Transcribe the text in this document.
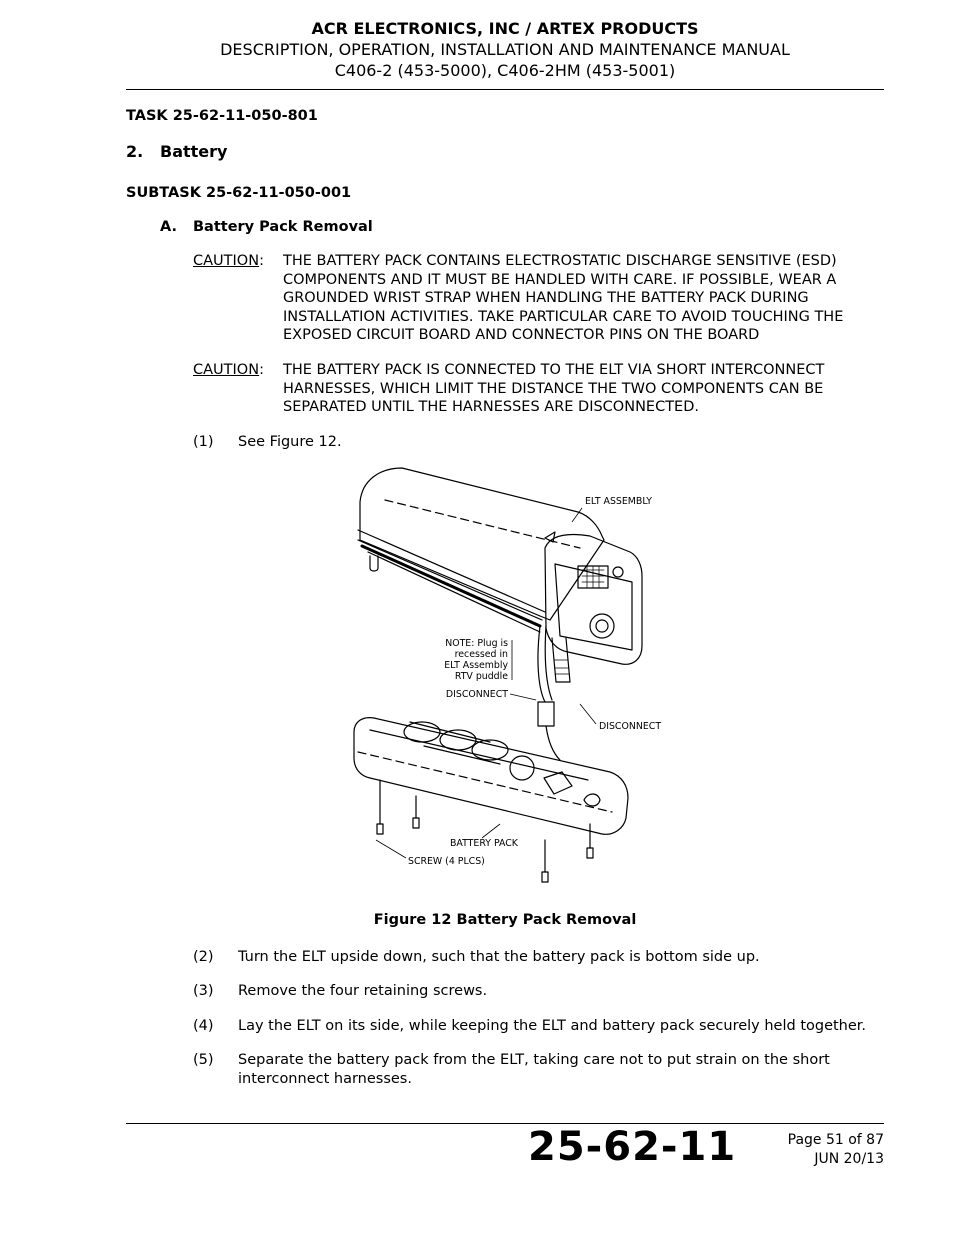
ACR ELECTRONICS, INC / ARTEX PRODUCTS
DESCRIPTION, OPERATION, INSTALLATION AND MAINTENANCE MANUAL
C406-2 (453-5000), C406-2HM (453-5001)
TASK 25-62-11-050-801
2. Battery
SUBTASK 25-62-11-050-001
A. Battery Pack Removal
CAUTION: THE BATTERY PACK CONTAINS ELECTROSTATIC DISCHARGE SENSITIVE (ESD) COMPONENTS AND IT MUST BE HANDLED WITH CARE. IF POSSIBLE, WEAR A GROUNDED WRIST STRAP WHEN HANDLING THE BATTERY PACK DURING INSTALLATION ACTIVITIES. TAKE PARTICULAR CARE TO AVOID TOUCHING THE EXPOSED CIRCUIT BOARD AND CONNECTOR PINS ON THE BOARD
CAUTION: THE BATTERY PACK IS CONNECTED TO THE ELT VIA SHORT INTERCONNECT HARNESSES, WHICH LIMIT THE DISTANCE THE TWO COMPONENTS CAN BE SEPARATED UNTIL THE HARNESSES ARE DISCONNECTED.
(1) See Figure 12.
ELT ASSEMBLY
NOTE: Plug is
recessed in
ELT Assembly
RTV puddle
DISCONNECT
DISCONNECT
BATTERY PACK
SCREW (4 PLCS)
Figure 12 Battery Pack Removal
(2) Turn the ELT upside down, such that the battery pack is bottom side up.
(3) Remove the four retaining screws.
(4) Lay the ELT on its side, while keeping the ELT and battery pack securely held together.
(5) Separate the battery pack from the ELT, taking care not to put strain on the short interconnect harnesses.
25-62-11	Page 51 of 87
JUN 20/13
